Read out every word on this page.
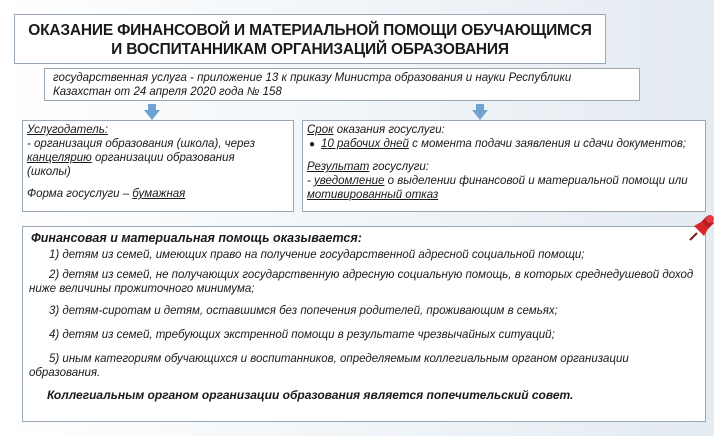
ОКАЗАНИЕ ФИНАНСОВОЙ И МАТЕРИАЛЬНОЙ ПОМОЩИ ОБУЧАЮЩИМСЯ
И ВОСПИТАННИКАМ ОРГАНИЗАЦИЙ ОБРАЗОВАНИЯ
государственная услуга - приложение 13 к приказу Министра образования и науки Республики
Казахстан от 24 апреля 2020 года № 158
Услугодатель:
- организация образования (школа), через
канцелярию организации образования
(школы)
Форма госуслуги – бумажная
Срок оказания госуслуги:
● 10 рабочих дней с момента подачи заявления и сдачи документов;
Результат госуслуги:
- уведомление о выделении финансовой и материальной помощи или
мотивированный отказ
Финансовая и материальная помощь оказывается:
1) детям из семей, имеющих право на получение государственной адресной социальной помощи;
2) детям из семей, не получающих государственную адресную социальную помощь, в которых среднедушевой доход
ниже величины прожиточного минимума;
3) детям-сиротам и детям, оставшимся без попечения родителей, проживающим в семьях;
4) детям из семей, требующих экстренной помощи в результате чрезвычайных ситуаций;
5) иным категориям обучающихся и воспитанников, определяемым коллегиальным органом организации
образования.
Коллегиальным органом организации образования является попечительский совет.
